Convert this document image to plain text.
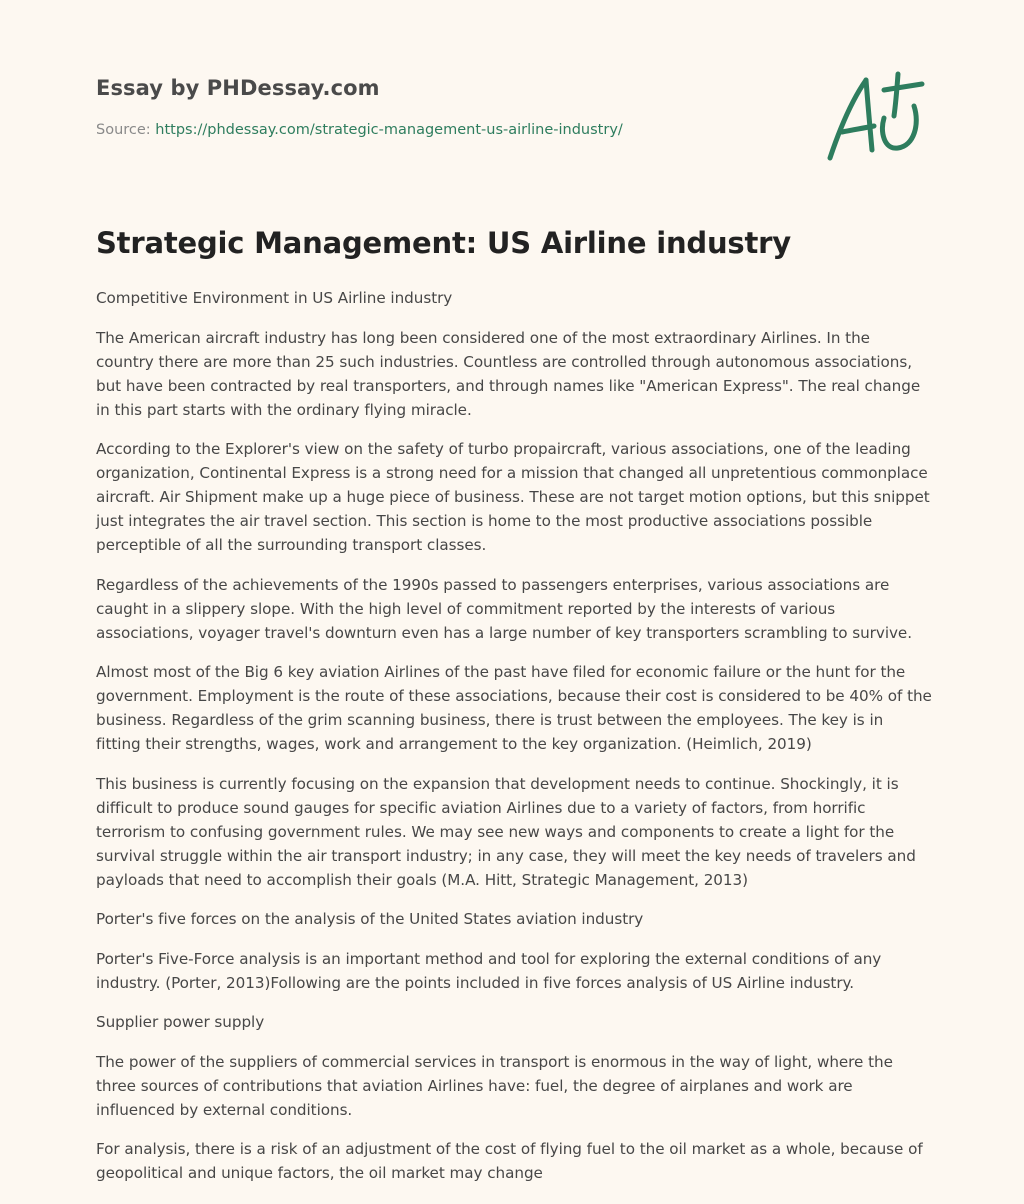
Essay by PHDessay.com
Source: https://phdessay.com/strategic-management-us-airline-industry/
Strategic Management: US Airline industry

Competitive Environment in US Airline industry

The American aircraft industry has long been considered one of the most extraordinary Airlines. In the country there are more than 25 such industries. Countless are controlled through autonomous associations, but have been contracted by real transporters, and through names like "American Express". The real change in this part starts with the ordinary flying miracle.

According to the Explorer's view on the safety of turbo propaircraft, various associations, one of the leading organization, Continental Express is a strong need for a mission that changed all unpretentious commonplace aircraft. Air Shipment make up a huge piece of business. These are not target motion options, but this snippet just integrates the air travel section. This section is home to the most productive associations possible perceptible of all the surrounding transport classes.

Regardless of the achievements of the 1990s passed to passengers enterprises, various associations are caught in a slippery slope. With the high level of commitment reported by the interests of various associations, voyager travel's downturn even has a large number of key transporters scrambling to survive.

Almost most of the Big 6 key aviation Airlines of the past have filed for economic failure or the hunt for the government. Employment is the route of these associations, because their cost is considered to be 40% of the business. Regardless of the grim scanning business, there is trust between the employees. The key is in fitting their strengths, wages, work and arrangement to the key organization. (Heimlich, 2019)

This business is currently focusing on the expansion that development needs to continue. Shockingly, it is difficult to produce sound gauges for specific aviation Airlines due to a variety of factors, from horrific terrorism to confusing government rules. We may see new ways and components to create a light for the survival struggle within the air transport industry; in any case, they will meet the key needs of travelers and payloads that need to accomplish their goals (M.A. Hitt, Strategic Management, 2013)

Porter's five forces on the analysis of the United States aviation industry

Porter's Five-Force analysis is an important method and tool for exploring the external conditions of any industry. (Porter, 2013)Following are the points included in five forces analysis of US Airline industry.

Supplier power supply

The power of the suppliers of commercial services in transport is enormous in the way of light, where the three sources of contributions that aviation Airlines have: fuel, the degree of airplanes and work are influenced by external conditions.

For analysis, there is a risk of an adjustment of the cost of flying fuel to the oil market as a whole, because of geopolitical and unique factors, the oil market may change
